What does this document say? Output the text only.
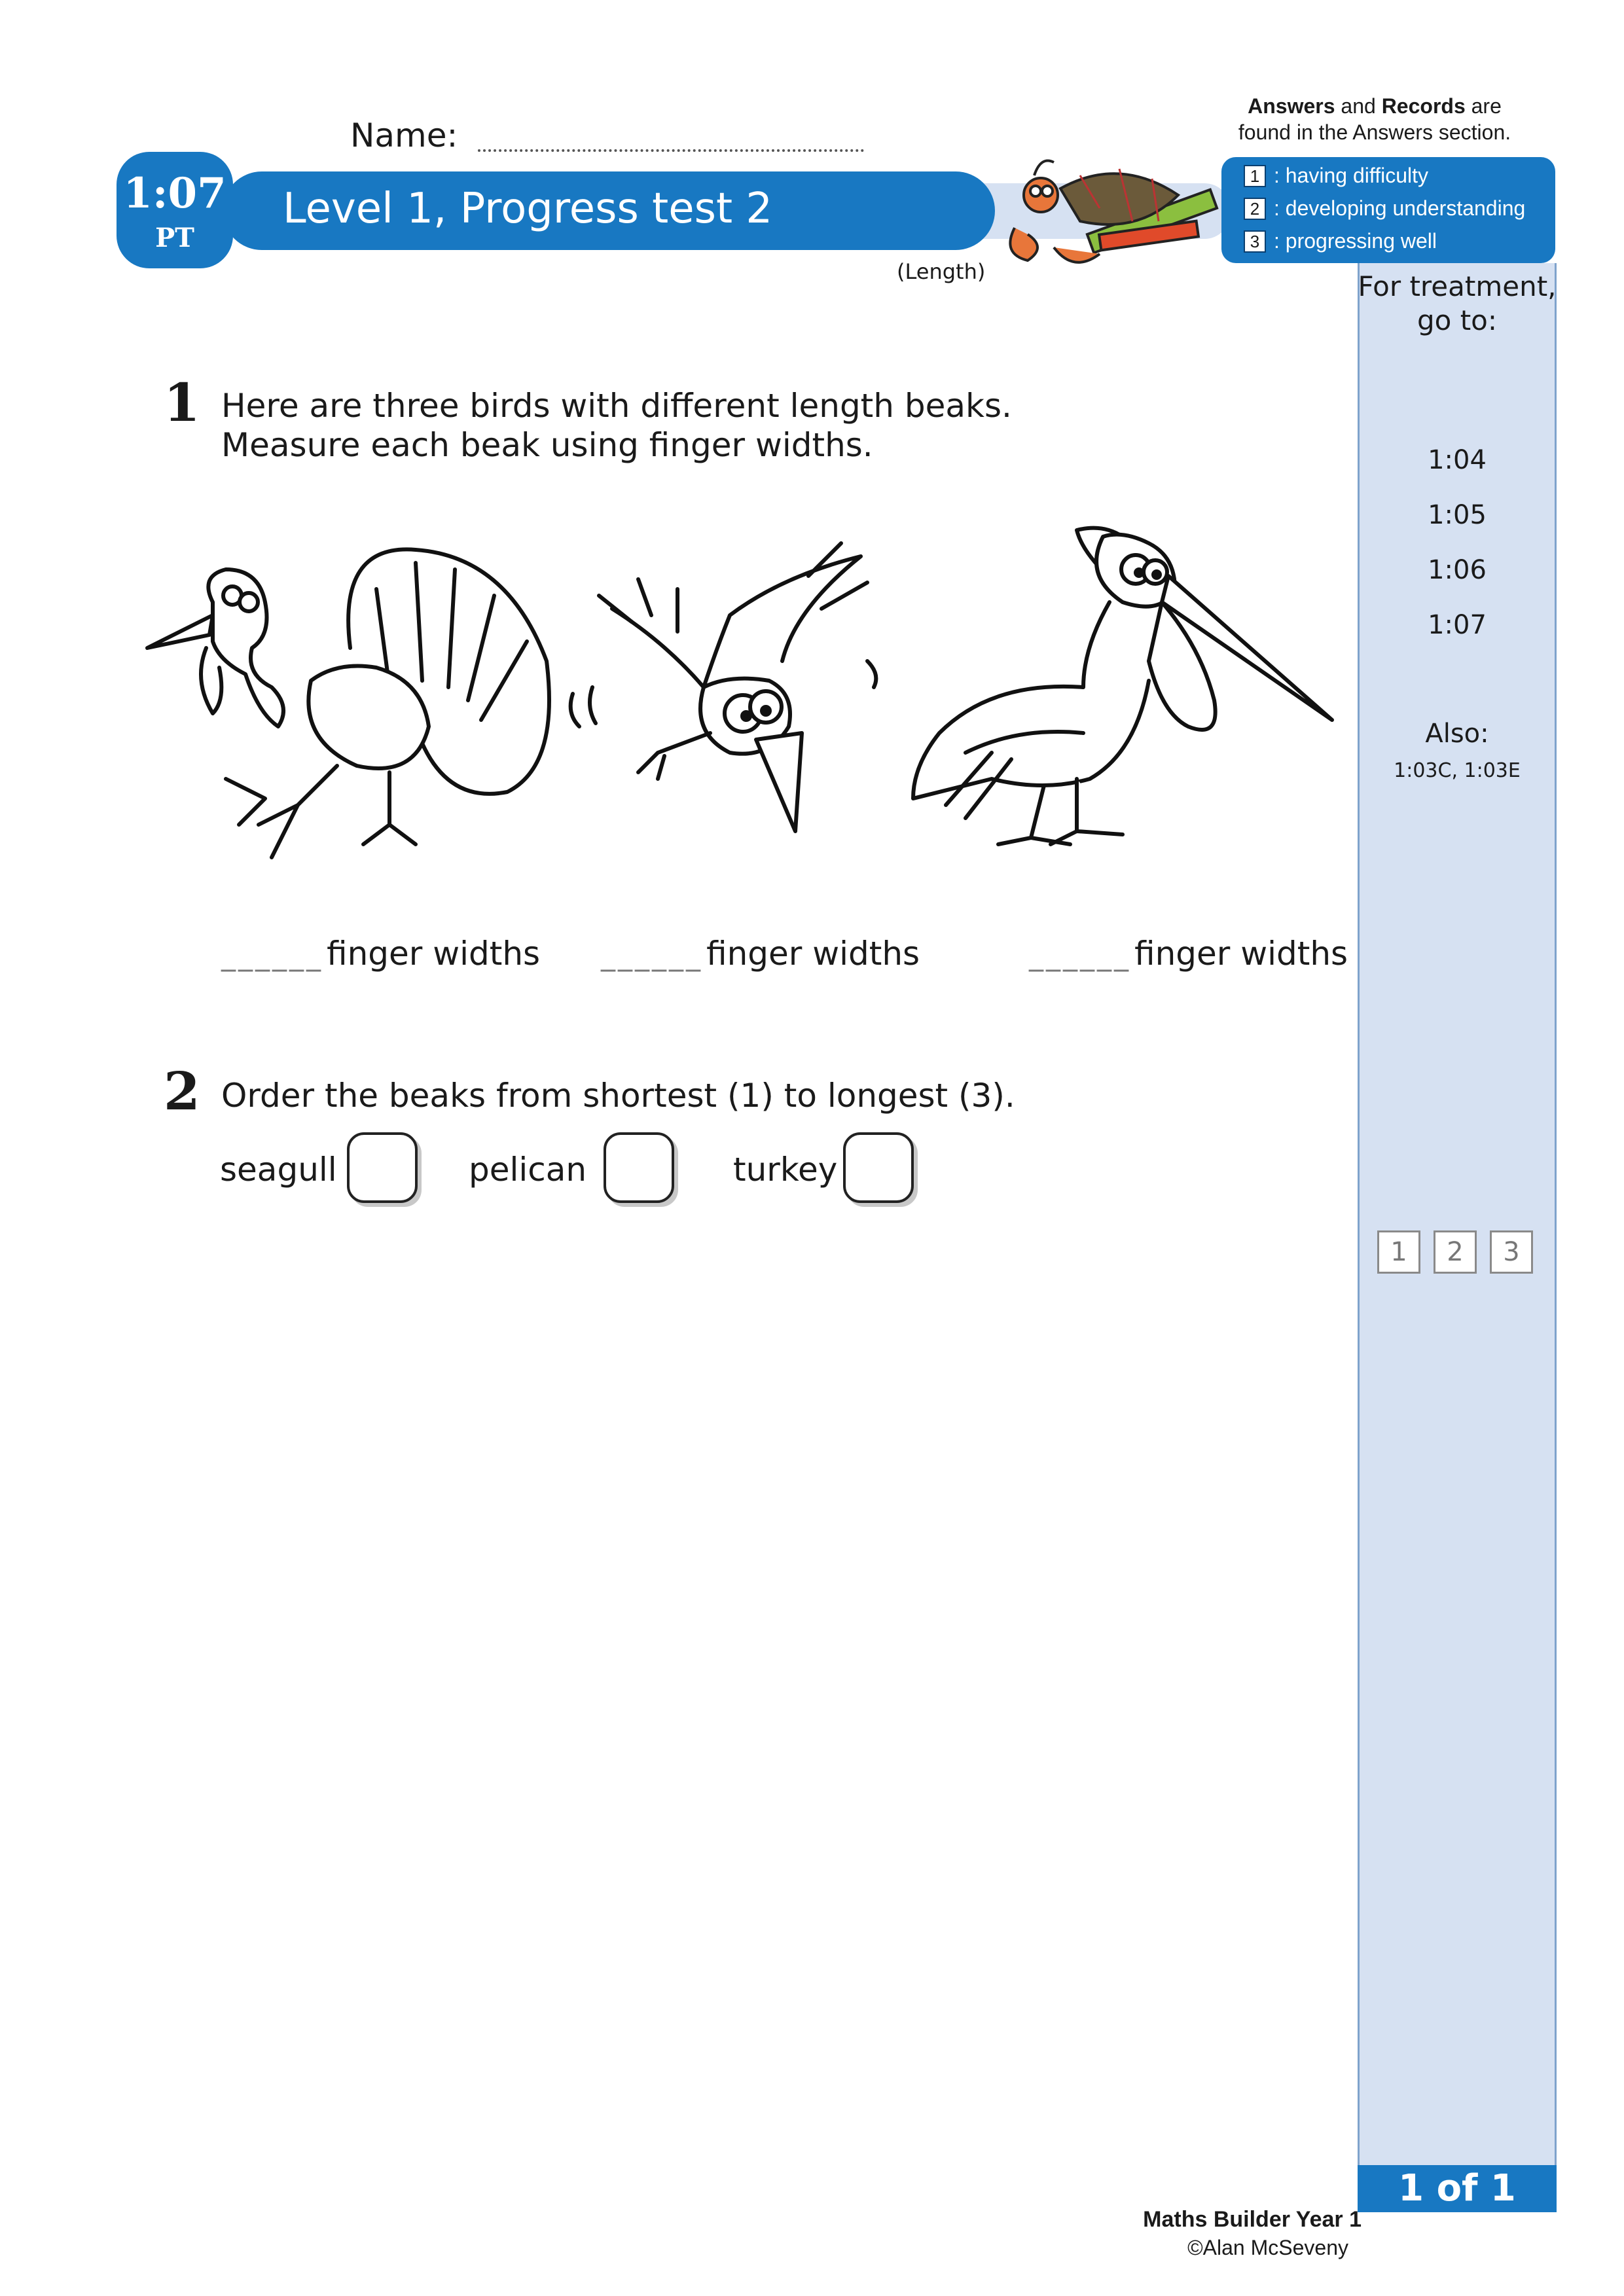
Name:
1:07
PT
Level 1, Progress test 2
(Length)
Answers and Records are
found in the Answers section.
1 : having difficulty
2 : developing understanding
3 : progressing well
For treatment, go to:
1:04
1:05
1:06
1:07
Also:
1:03C, 1:03E
1	2	3
1 of 1
1 Here are three birds with different length beaks.
Measure each beak using finger widths.
______ finger widths ______ finger widths	______ finger widths
2 Order the beaks from shortest (1) to longest (3).
seagull	pelican	turkey
Maths Builder Year 1
©Alan McSeveny
